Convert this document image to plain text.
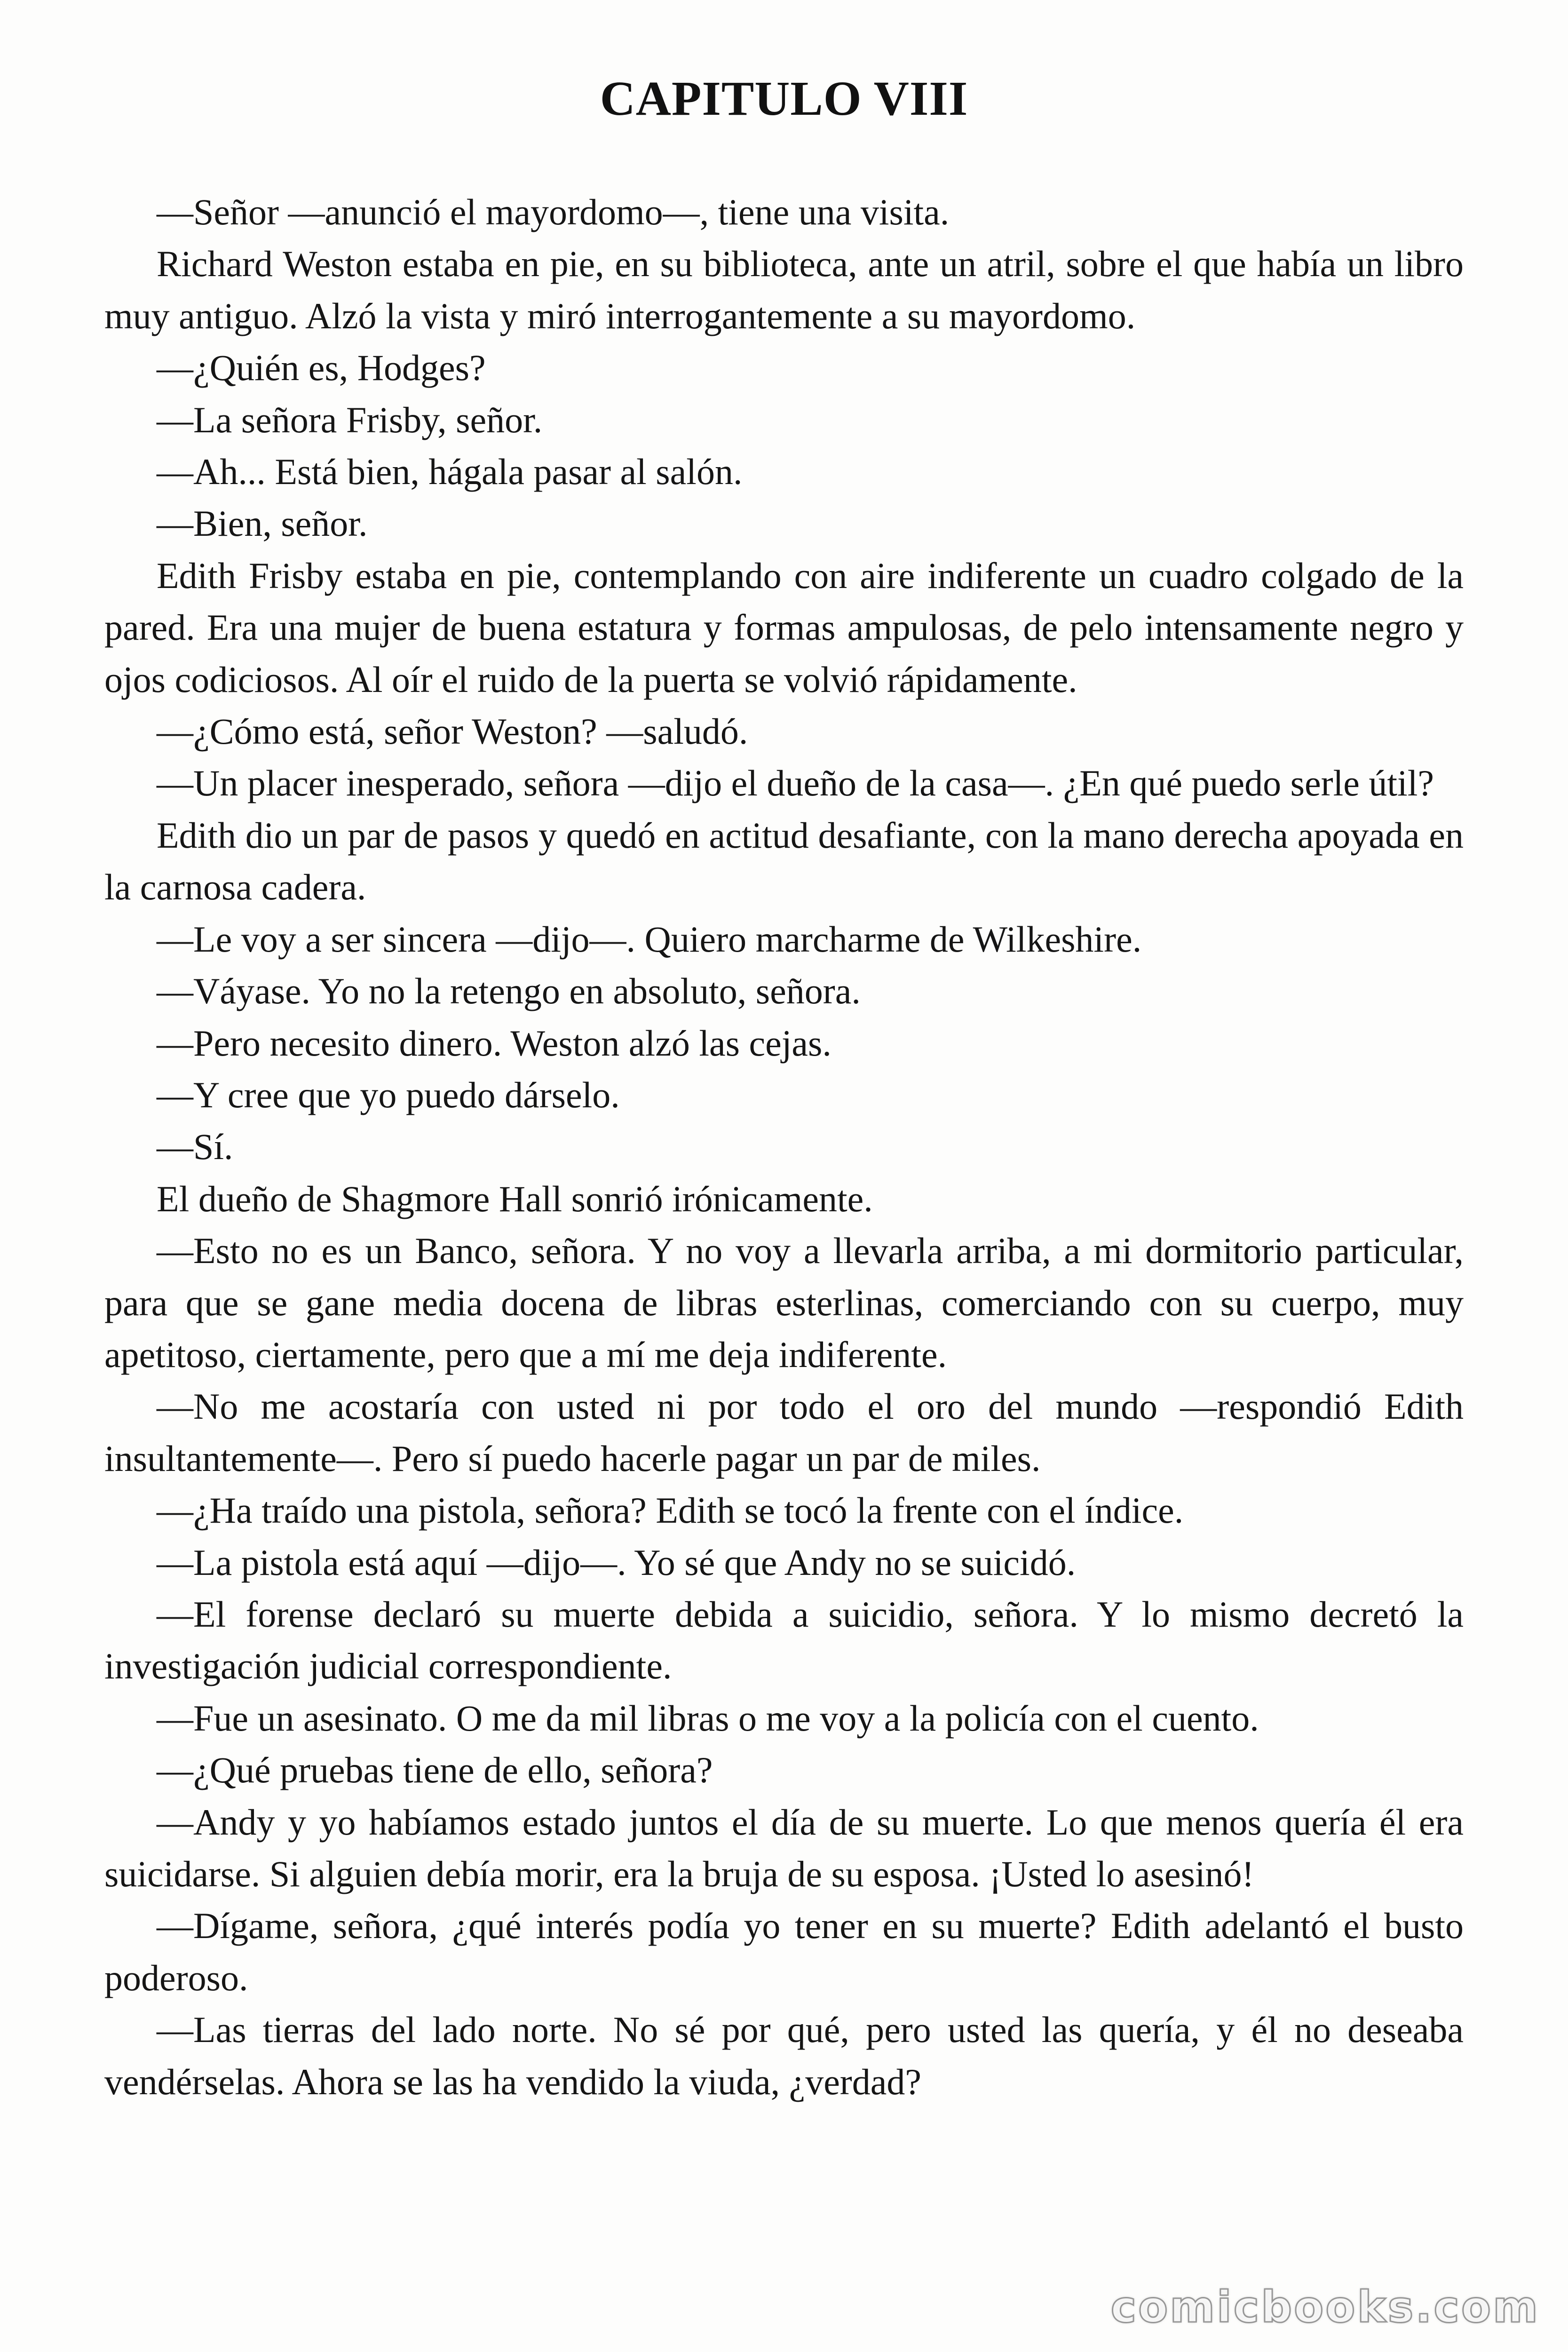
CAPITULO VIII

—Señor —anunció el mayordomo—, tiene una visita.

Richard Weston estaba en pie, en su biblioteca, ante un atril, sobre el que había un libro muy antiguo. Alzó la vista y miró interrogantemente a su mayordomo.

—¿Quién es, Hodges?

—La señora Frisby, señor.

—Ah... Está bien, hágala pasar al salón.

—Bien, señor.

Edith Frisby estaba en pie, contemplando con aire indiferente un cuadro colgado de la pared. Era una mujer de buena estatura y formas ampulosas, de pelo intensamente negro y ojos codiciosos. Al oír el ruido de la puerta se volvió rápidamente.

—¿Cómo está, señor Weston? —saludó.

—Un placer inesperado, señora —dijo el dueño de la casa—. ¿En qué puedo serle útil?

Edith dio un par de pasos y quedó en actitud desafiante, con la mano derecha apoyada en la carnosa cadera.

—Le voy a ser sincera —dijo—. Quiero marcharme de Wilkeshire.

—Váyase. Yo no la retengo en absoluto, señora.

—Pero necesito dinero. Weston alzó las cejas.

—Y cree que yo puedo dárselo.

—Sí.

El dueño de Shagmore Hall sonrió irónicamente.

—Esto no es un Banco, señora. Y no voy a llevarla arriba, a mi dormitorio particular, para que se gane media docena de libras esterlinas, comerciando con su cuerpo, muy apetitoso, ciertamente, pero que a mí me deja indiferente.

—No me acostaría con usted ni por todo el oro del mundo —respondió Edith insultantemente—. Pero sí puedo hacerle pagar un par de miles.

—¿Ha traído una pistola, señora? Edith se tocó la frente con el índice.

—La pistola está aquí —dijo—. Yo sé que Andy no se suicidó.

—El forense declaró su muerte debida a suicidio, señora. Y lo mismo decretó la investigación judicial correspondiente.

—Fue un asesinato. O me da mil libras o me voy a la policía con el cuento.

—¿Qué pruebas tiene de ello, señora?

—Andy y yo habíamos estado juntos el día de su muerte. Lo que menos quería él era suicidarse. Si alguien debía morir, era la bruja de su esposa. ¡Usted lo asesinó!

—Dígame, señora, ¿qué interés podía yo tener en su muerte? Edith adelantó el busto poderoso.

—Las tierras del lado norte. No sé por qué, pero usted las quería, y él no deseaba vendérselas. Ahora se las ha vendido la viuda, ¿verdad?

comicbooks.com
